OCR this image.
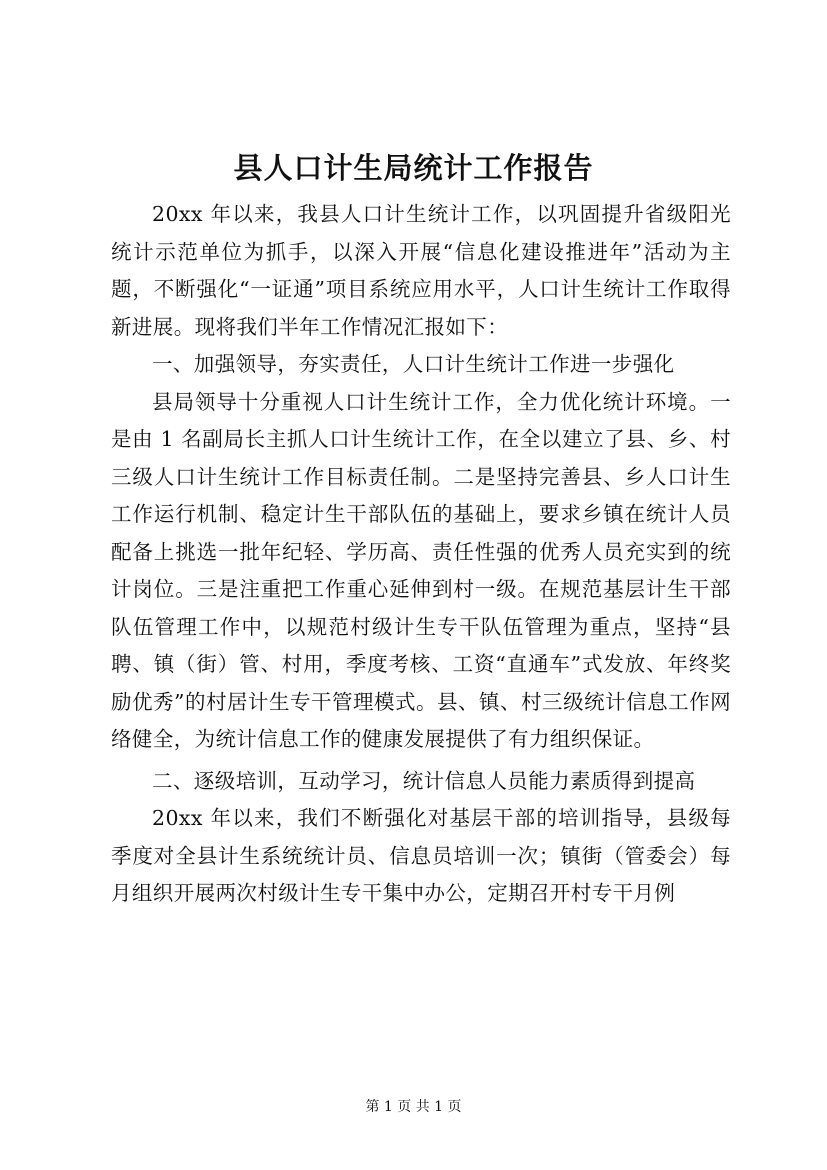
县人口计生局统计工作报告

20xx 年以来，我县人口计生统计工作，以巩固提升省级阳光统计示范单位为抓手，以深入开展“信息化建设推进年”活动为主题，不断强化“一证通”项目系统应用水平，人口计生统计工作取得新进展。现将我们半年工作情况汇报如下：

一、加强领导，夯实责任，人口计生统计工作进一步强化

县局领导十分重视人口计生统计工作，全力优化统计环境。一是由 1 名副局长主抓人口计生统计工作，在全以建立了县、乡、村三级人口计生统计工作目标责任制。二是坚持完善县、乡人口计生工作运行机制、稳定计生干部队伍的基础上，要求乡镇在统计人员配备上挑选一批年纪轻、学历高、责任性强的优秀人员充实到的统计岗位。三是注重把工作重心延伸到村一级。在规范基层计生干部队伍管理工作中，以规范村级计生专干队伍管理为重点，坚持“县聘、镇（街）管、村用，季度考核、工资“直通车”式发放、年终奖励优秀”的村居计生专干管理模式。县、镇、村三级统计信息工作网络健全，为统计信息工作的健康发展提供了有力组织保证。

二、逐级培训，互动学习，统计信息人员能力素质得到提高

20xx 年以来，我们不断强化对基层干部的培训指导，县级每季度对全县计生系统统计员、信息员培训一次；镇街（管委会）每月组织开展两次村级计生专干集中办公，定期召开村专干月例

第 1 页 共 1 页
